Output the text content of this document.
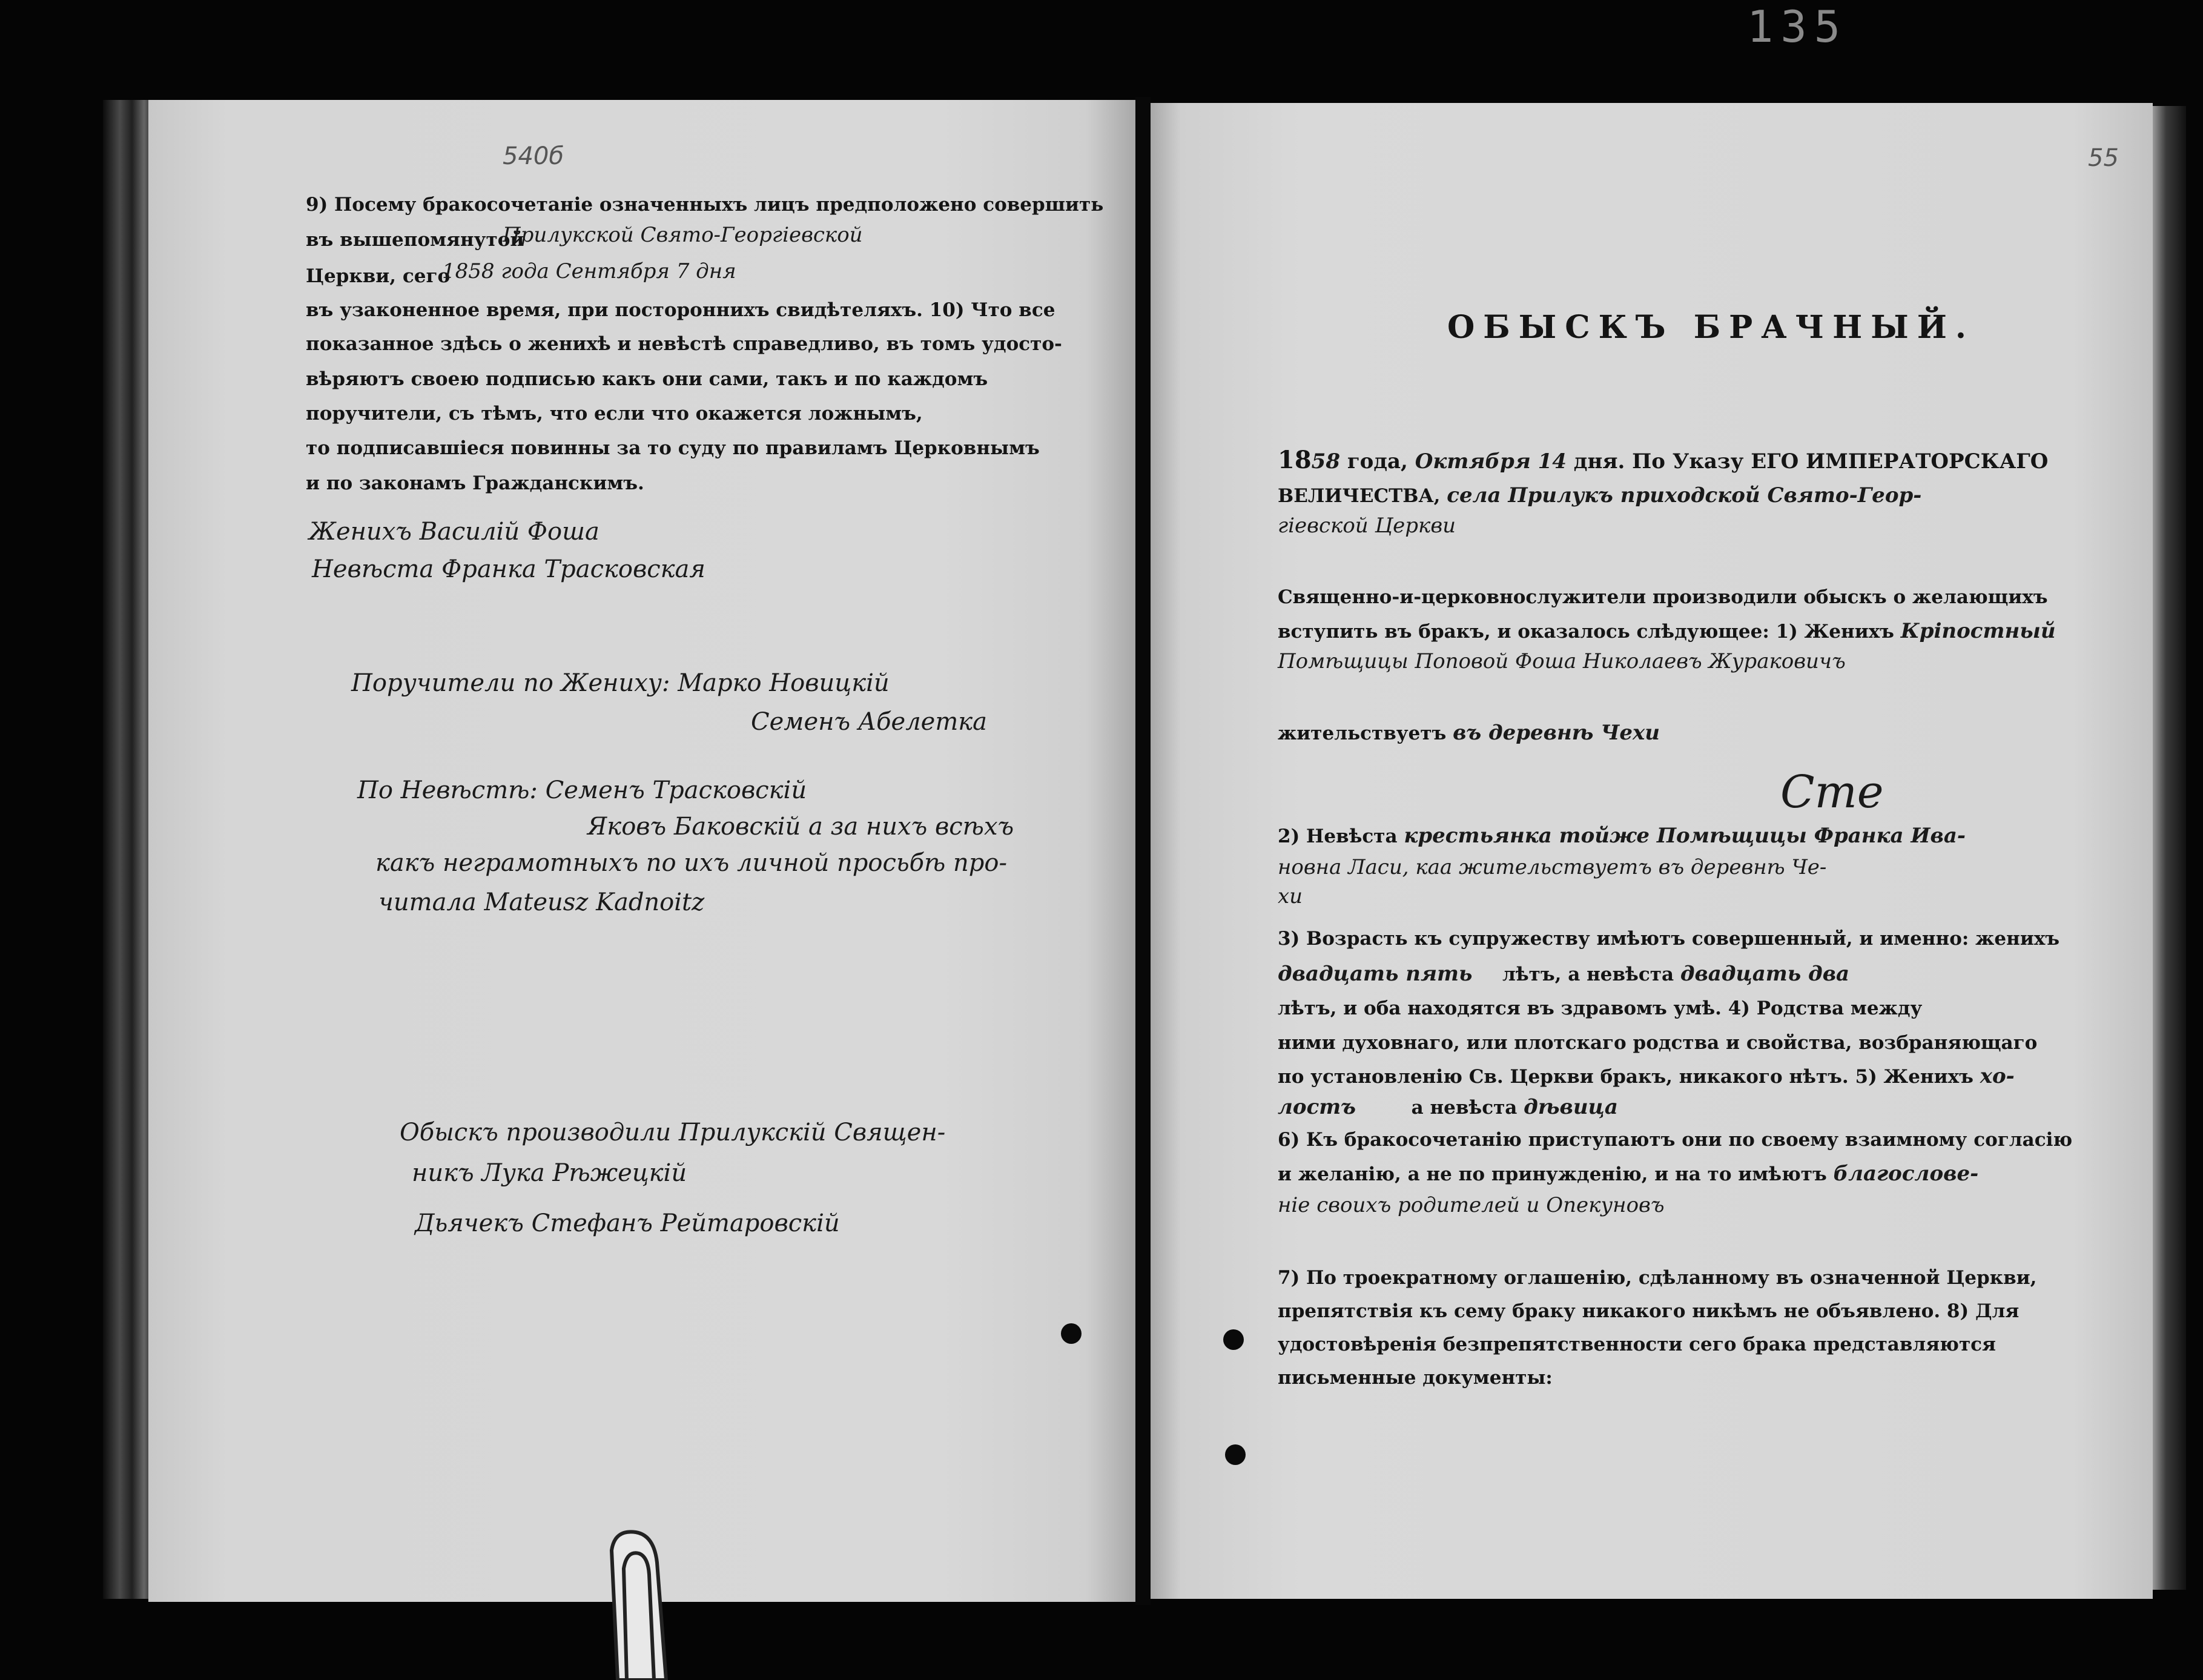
135
540б
9) Посему бракосочетаніе означенныхъ лицъ предположено совершить
въ вышепомянутой
Прилукской Свято-Георгіевской
Церкви, сего
1858 года Сентября 7 дня
въ узаконенное время, при постороннихъ свидѣтеляхъ. 10) Что все
показанное здѣсь о женихѣ и невѣстѣ справедливо, въ томъ удосто-
вѣряютъ своею подписью какъ они сами, такъ и по каждомъ
поручители, съ тѣмъ, что если что окажется ложнымъ,
то подписавшіеся повинны за то суду по правиламъ Церковнымъ
и по законамъ Гражданскимъ.
Женихъ Василій Фоша
Невѣста Франка Трасковская
Поручители по Жениху: Марко Новицкій
Семенъ Абелетка
По Невѣстѣ: Семенъ Трасковскій
Яковъ Баковскій а за нихъ всѣхъ
какъ неграмотныхъ по ихъ личной просьбѣ про-
читала Mateusz Kadnoitz
Обыскъ производили Прилукскій Священ-
никъ Лука Рѣжецкій
Дьячекъ Стефанъ Рейтаровскій
55
ОБЫСКЪ БРАЧНЫЙ.
1858 года, Октября 14 дня. По Указу ЕГО ИМПЕРАТОРСКАГО
ВЕЛИЧЕСТВА, села Прилукъ приходской Свято-Геор-
гіевской Церкви
Священно-и-церковнослужители производили обыскъ о желающихъ
вступить въ бракъ, и оказалось слѣдующее: 1) Женихъ Кріпостный
Помѣщицы Поповой Фоша Николаевъ Жураковичъ
жительствуетъ въ деревнѣ Чехи
Сте
2) Невѣста крестьянка тойже Помѣщицы Франка Ива-
новна Ласи, каа жительствуетъ въ деревнѣ Че-
хи
3) Возрасть къ супружеству имѣютъ совершенный, и именно: женихъ
двадцать пять лѣтъ, а невѣста двадцать два
лѣтъ, и оба находятся въ здравомъ умѣ. 4) Родства между
ними духовнаго, или плотскаго родства и свойства, возбраняющаго
по установленію Св. Церкви бракъ, никакого нѣтъ. 5) Женихъ хо-
лостъ	а невѣста дѣвица
6) Къ бракосочетанію приступаютъ они по своему взаимному согласію
и желанію, а не по принужденію, и на то имѣютъ благослове-
ніе своихъ родителей и Опекуновъ
7) По троекратному оглашенію, сдѣланному въ означенной Церкви,
препятствія къ сему браку никакого никѣмъ не объявлено. 8) Для
удостовѣренія безпрепятственности сего брака представляются
письменные документы:
